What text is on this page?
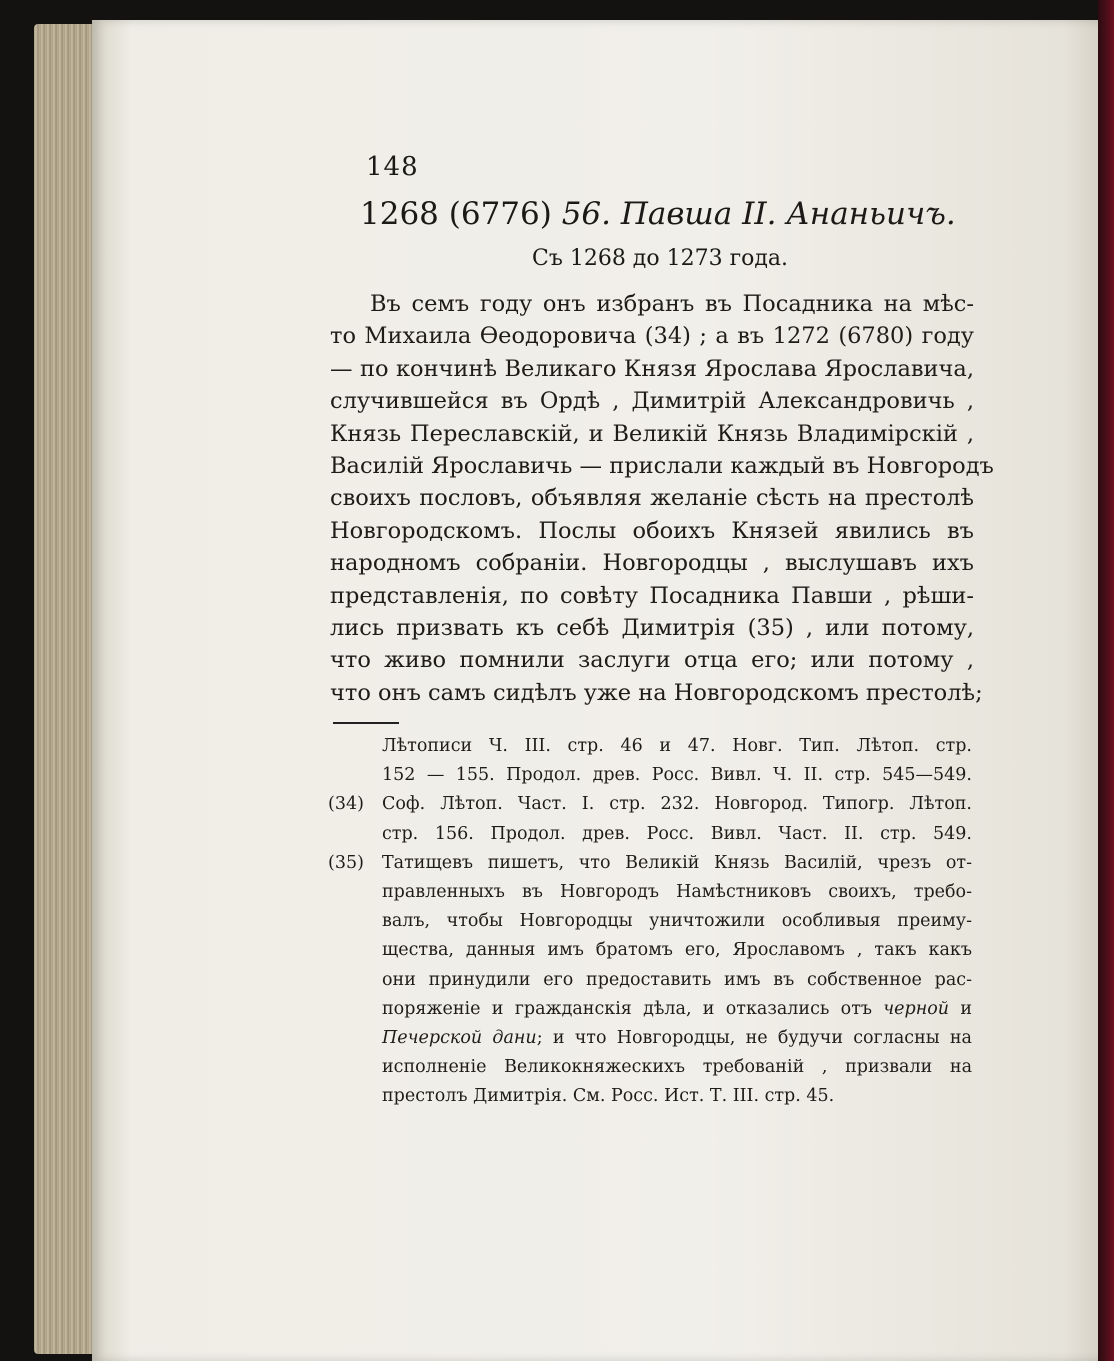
148
1268 (6776) 56. Павша II. Ананьичъ.
Съ 1268 до 1273 года.
Въ семъ году онъ избранъ въ Посадника на мѣс-
то Михаила Ѳеодоровича (34) ; а въ 1272 (6780) году
— по кончинѣ Великаго Князя Ярослава Ярославича,
случившейся въ Ордѣ , Димитрій Александровичь ,
Князь Переславскій, и Великій Князь Владимірскій ,
Василій Ярославичь — прислали каждый въ Новгородъ
своихъ пословъ, объявляя желаніе сѣсть на престолѣ
Новгородскомъ. Послы обоихъ Князей явились въ
народномъ собраніи. Новгородцы , выслушавъ ихъ
представленія, по совѣту Посадника Павши , рѣши-
лись призвать къ себѣ Димитрія (35) , или потому,
что живо помнили заслуги отца его; или потому ,
что онъ самъ сидѣлъ уже на Новгородскомъ престолѣ;
Лѣтописи Ч. III. стр. 46 и 47. Новг. Тип. Лѣтоп. стр.
152 — 155. Продол. древ. Росс. Вивл. Ч. II. стр. 545—549.
(34) Соф. Лѣтоп. Част. I. стр. 232. Новгород. Типогр. Лѣтоп.
стр. 156. Продол. древ. Росс. Вивл. Част. II. стр. 549.
(35) Татищевъ пишетъ, что Великій Князь Василій, чрезъ от-
правленныхъ въ Новгородъ Намѣстниковъ своихъ, требо-
валъ, чтобы Новгородцы уничтожили особливыя преиму-
щества, данныя имъ братомъ его, Ярославомъ , такъ какъ
они принудили его предоставить имъ въ собственное рас-
поряженіе и гражданскія дѣла, и отказались отъ черной и
Печерской дани; и что Новгородцы, не будучи согласны на
исполненіе Великокняжескихъ требованій , призвали на
престолъ Димитрія. См. Росс. Ист. Т. III. стр. 45.
